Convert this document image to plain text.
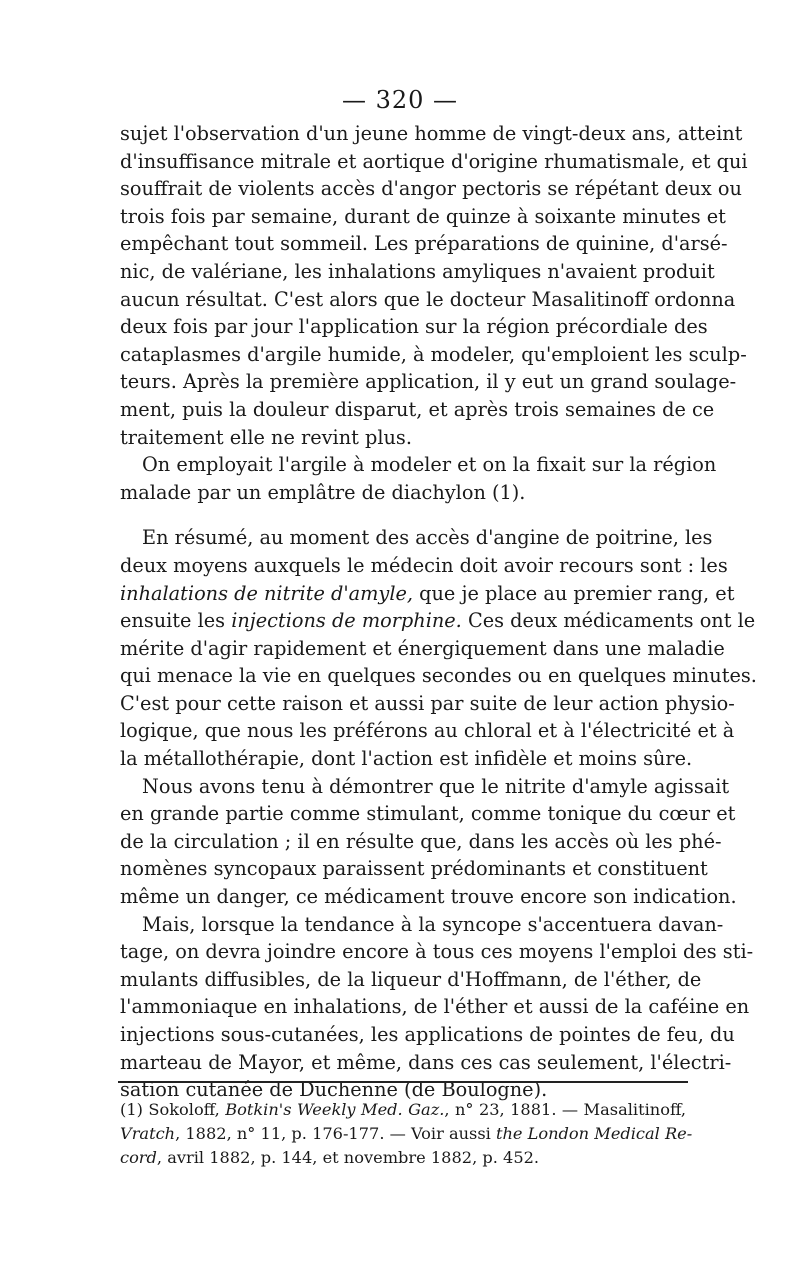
— 320 —
sujet l'observation d'un jeune homme de vingt-deux ans, atteint
d'insuffisance mitrale et aortique d'origine rhumatismale, et qui
souffrait de violents accès d'angor pectoris se répétant deux ou
trois fois par semaine, durant de quinze à soixante minutes et
empêchant tout sommeil. Les préparations de quinine, d'arsé-
nic, de valériane, les inhalations amyliques n'avaient produit
aucun résultat. C'est alors que le docteur Masalitinoff ordonna
deux fois par jour l'application sur la région précordiale des
cataplasmes d'argile humide, à modeler, qu'emploient les sculp-
teurs. Après la première application, il y eut un grand soulage-
ment, puis la douleur disparut, et après trois semaines de ce
traitement elle ne revint plus.
On employait l'argile à modeler et on la fixait sur la région
malade par un emplâtre de diachylon (1).
En résumé, au moment des accès d'angine de poitrine, les
deux moyens auxquels le médecin doit avoir recours sont : les
inhalations de nitrite d'amyle, que je place au premier rang, et
ensuite les injections de morphine. Ces deux médicaments ont le
mérite d'agir rapidement et énergiquement dans une maladie
qui menace la vie en quelques secondes ou en quelques minutes.
C'est pour cette raison et aussi par suite de leur action physio-
logique, que nous les préférons au chloral et à l'électricité et à
la métallothérapie, dont l'action est infidèle et moins sûre.
Nous avons tenu à démontrer que le nitrite d'amyle agissait
en grande partie comme stimulant, comme tonique du cœur et
de la circulation ; il en résulte que, dans les accès où les phé-
nomènes syncopaux paraissent prédominants et constituent
même un danger, ce médicament trouve encore son indication.
Mais, lorsque la tendance à la syncope s'accentuera davan-
tage, on devra joindre encore à tous ces moyens l'emploi des sti-
mulants diffusibles, de la liqueur d'Hoffmann, de l'éther, de
l'ammoniaque en inhalations, de l'éther et aussi de la caféine en
injections sous-cutanées, les applications de pointes de feu, du
marteau de Mayor, et même, dans ces cas seulement, l'électri-
sation cutanée de Duchenne (de Boulogne).
(1) Sokoloff, Botkin's Weekly Med. Gaz., n° 23, 1881. — Masalitinoff,
Vratch, 1882, n° 11, p. 176-177. — Voir aussi the London Medical Re-
cord, avril 1882, p. 144, et novembre 1882, p. 452.
